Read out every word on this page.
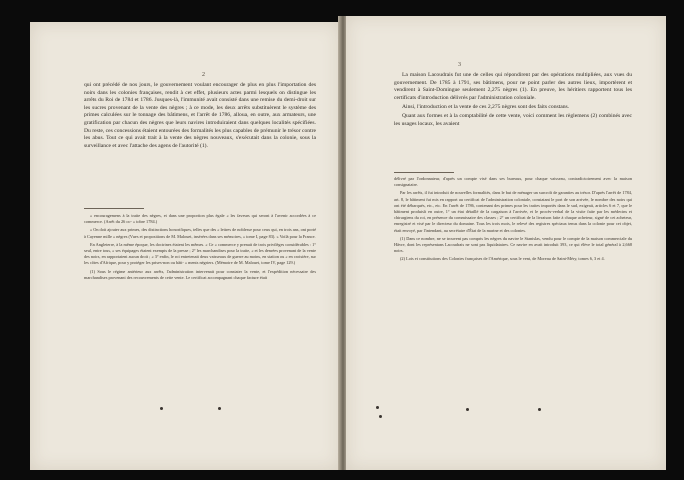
2

qui ont précédé de nos jours, le gouvernement voulant encourager de plus en plus l'importation des noirs dans les colonies françaises, rendit à cet effet, plusieurs actes parmi lesquels on distingue les arrêts du Roi de 1784 et 1786. Jusques-là, l'immunité avait consisté dans une remise du demi-droit sur les sucres provenant de la vente des nègres ; à ce mode, les deux arrêts substituèrent le système des primes calculées sur le tonnage des bâtimens, et l'arrêt de 1786, alloua, en outre, aux armateurs, une gratification par chacun des nègres que leurs navires introduiraient dans quelques localités spécifiées. Du reste, ces concessions étaient entourées des formalités les plus capables de prémunir le trésor contre les abus. Tout ce qui avait trait à la vente des nègres nouveaux, s'exécutait dans la colonie, sous la surveillance et avec l'attache des agens de l'autorité (1).

« encouragemens à la traite des nègres, et dans une proportion plus égale « les faveurs qui seront à l'avenir accordées à ce commerce. (Arrêt du 26 oc- « tobre 1784.)

« On doit ajouter aux primes, des distinctions honorifiques, telles que des « lettres de noblesse pour ceux qui, en trois ans, ont porté à Cayenne mille « nègres (Vues et propositions de M. Malouet, insérées dans ses mémoires, « tome I, page 83). » Voilà pour la France.

En Angleterre, à la même époque, les doctrines étaient les mêmes. « Ce « commerce y prenait de trois privilèges considérables : 1° seul, entre tous, « ses équipages étaient exempts de la presse ; 2° les marchandises pour la traite, « et les denrées provenant de la vente des noirs, en rapportaient aucun droit ; « 3° enfin, le roi entretenait deux vaisseaux de guerre au moins, en station ou « en croisière, sur les côtes d'Afrique, pour y protéger les prises-non ou bâti- « ments négriers. (Mémoire de M. Malouet, tome IV, page 129.)

(1) Sous le régime antérieur aux arrêts, l'administration intervenait pour constater la vente, et l'expédition nécessaire des marchandises provenant des recouvrements de cette vente. Le certificat accompagnant chaque facture était

3

La maison Lacoudrais fut une de celles qui répondirent par des opérations multipliées, aux vues du gouvernement. De 1785 à 1791, ses bâtimens, pour ne point parler des autres lieux, importèrent et vendirent à Saint-Domingue seulement 2,275 nègres (1). En preuve, les héritiers rapportent tous les certificats d'introduction délivrés par l'administration coloniale.

Ainsi, l'introduction et la vente de ces 2,275 nègres sont des faits constans.

Quant aux formes et à la comptabilité de cette vente, voici comment les règlemens (2) combinés avec les usages locaux, les avaient

délivré par l'ordonnateur, d'après un compte visé dans ses bureaux, pour chaque vaisseau, contradictoirement avec la maison consignataire.

Par les arrêts, il fut introduit de nouvelles formalités, dans le but de ménager un surcroît de garanties au trésor. D'après l'arrêt de 1784, art. 8, le bâtiment fut mis en rapport au certificat de l'administration coloniale, constatant le port de son arrivée, le nombre des noirs qui ont été débarqués, etc., etc. En l'arrêt de 1786, contenant des primes pour les traites importés dans le sud, exigeait, articles 6 et 7, que le bâtiment produisît en outre, 1° un état détaillé de la cargaison à l'arrivée, et le procès-verbal de la visite faite par les médecins et chirurgiens du roi, en présence du commissaire des classes ; 2° un certificat de la livraison faite à chaque acheteur, signé de cet acheteur, enregistré et visé par le directeur du domaine. Tous les trois mois, le relevé des registres spéciaux tenus dans la colonie pour cet objet, était envoyé, par l'intendant, au secrétaire d'État de la marine et des colonies.

(1) Dans ce nombre, ne se trouvent pas compris les nègres du navire le Stanislas, vendu pour le compte de la maison commerciale du Hâvre, dont les représentans Lacoudrais ne sont pas liquidataires. Ce navire en avait introduit 393, ce qui élève le total général à 2,668 noirs.

(2) Lois et constitutions des Colonies françaises de l'Amérique, sous le vent, de Moreau de Saint-Méry, tomes 6, 3 et 4.
